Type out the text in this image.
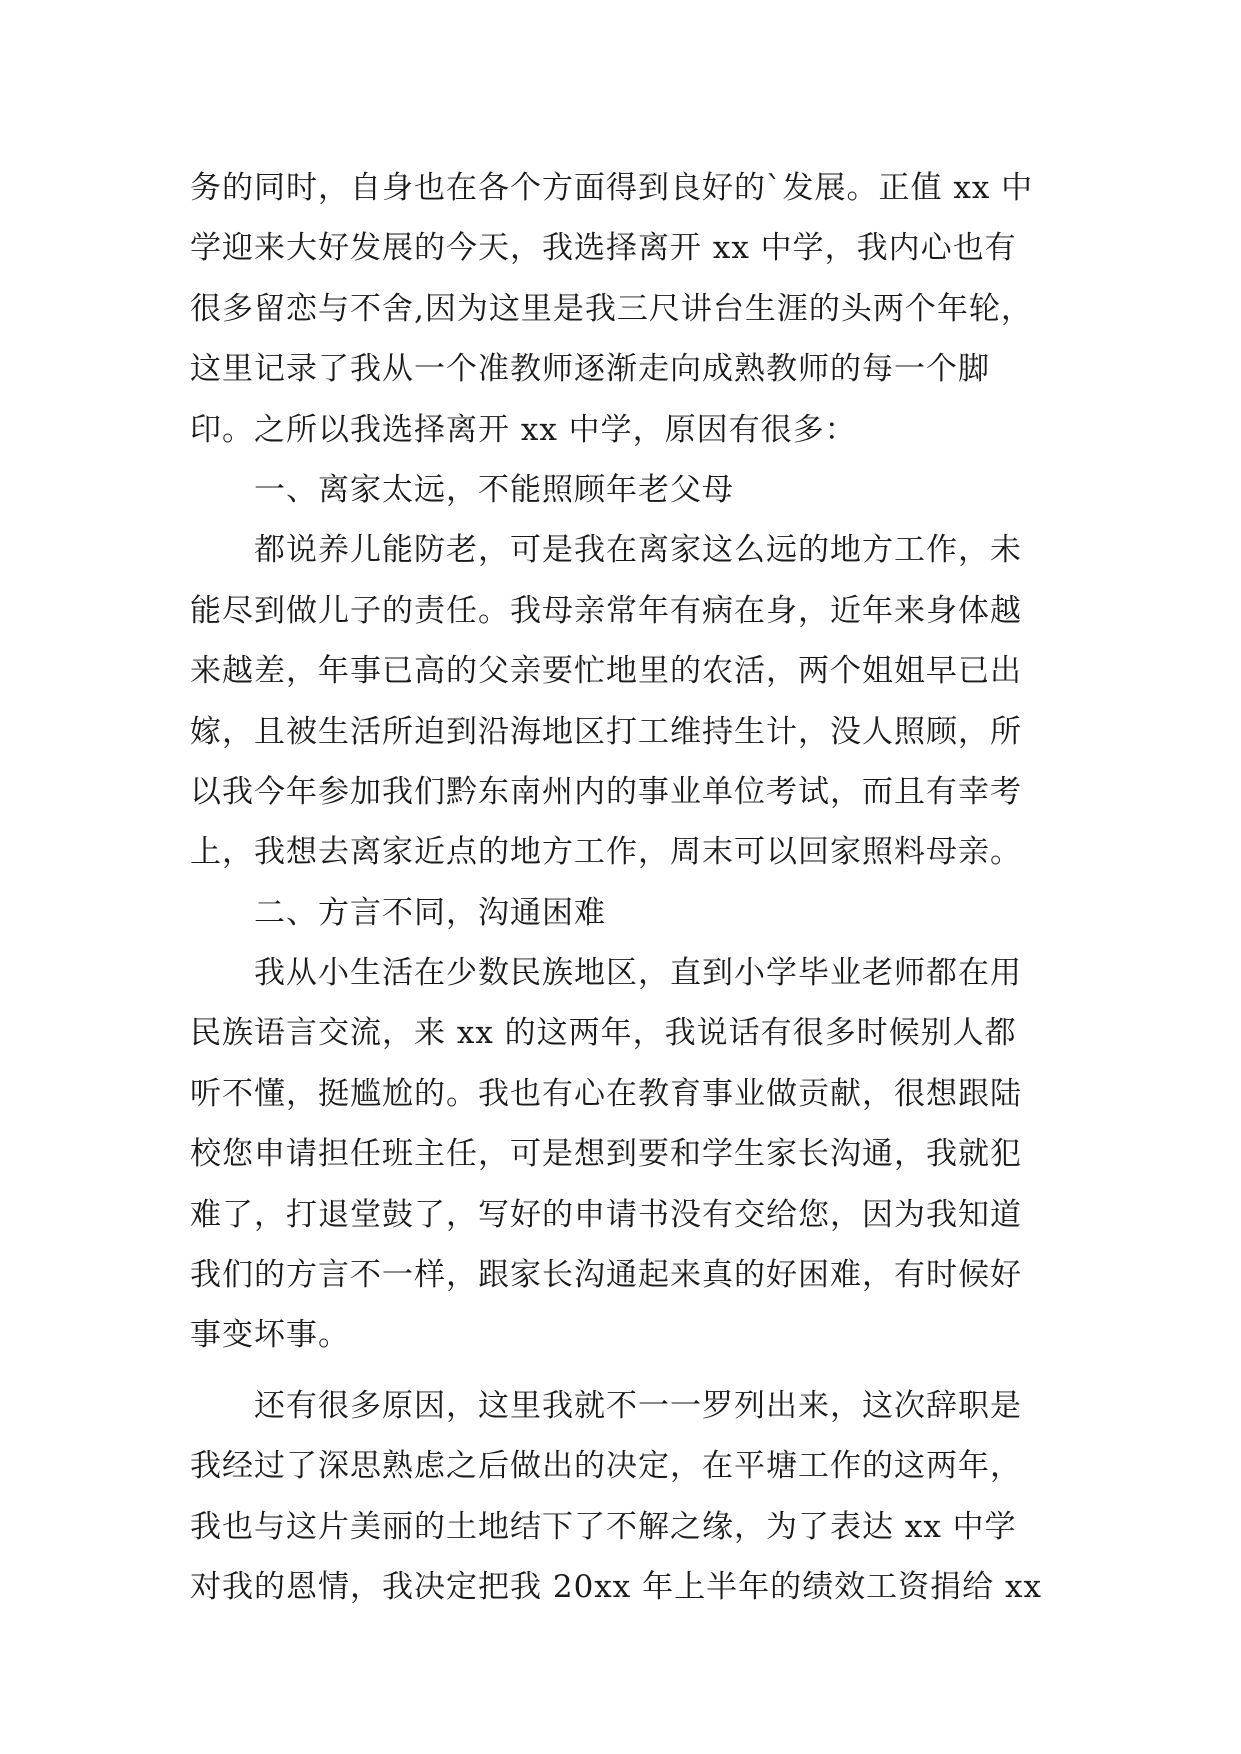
务的同时，自身也在各个方面得到良好的`发展。正值 xx 中
学迎来大好发展的今天，我选择离开 xx 中学，我内心也有
很多留恋与不舍,因为这里是我三尺讲台生涯的头两个年轮，
这里记录了我从一个准教师逐渐走向成熟教师的每一个脚
印。之所以我选择离开 xx 中学，原因有很多：
一、离家太远，不能照顾年老父母
都说养儿能防老，可是我在离家这么远的地方工作，未
能尽到做儿子的责任。我母亲常年有病在身，近年来身体越
来越差，年事已高的父亲要忙地里的农活，两个姐姐早已出
嫁，且被生活所迫到沿海地区打工维持生计，没人照顾，所
以我今年参加我们黔东南州内的事业单位考试，而且有幸考
上，我想去离家近点的地方工作，周末可以回家照料母亲。
二、方言不同，沟通困难
我从小生活在少数民族地区，直到小学毕业老师都在用
民族语言交流，来 xx 的这两年，我说话有很多时候别人都
听不懂，挺尴尬的。我也有心在教育事业做贡献，很想跟陆
校您申请担任班主任，可是想到要和学生家长沟通，我就犯
难了，打退堂鼓了，写好的申请书没有交给您，因为我知道
我们的方言不一样，跟家长沟通起来真的好困难，有时候好
事变坏事。
还有很多原因，这里我就不一一罗列出来，这次辞职是
我经过了深思熟虑之后做出的决定，在平塘工作的这两年，
我也与这片美丽的土地结下了不解之缘，为了表达 xx 中学
对我的恩情，我决定把我 20xx 年上半年的绩效工资捐给 xx
